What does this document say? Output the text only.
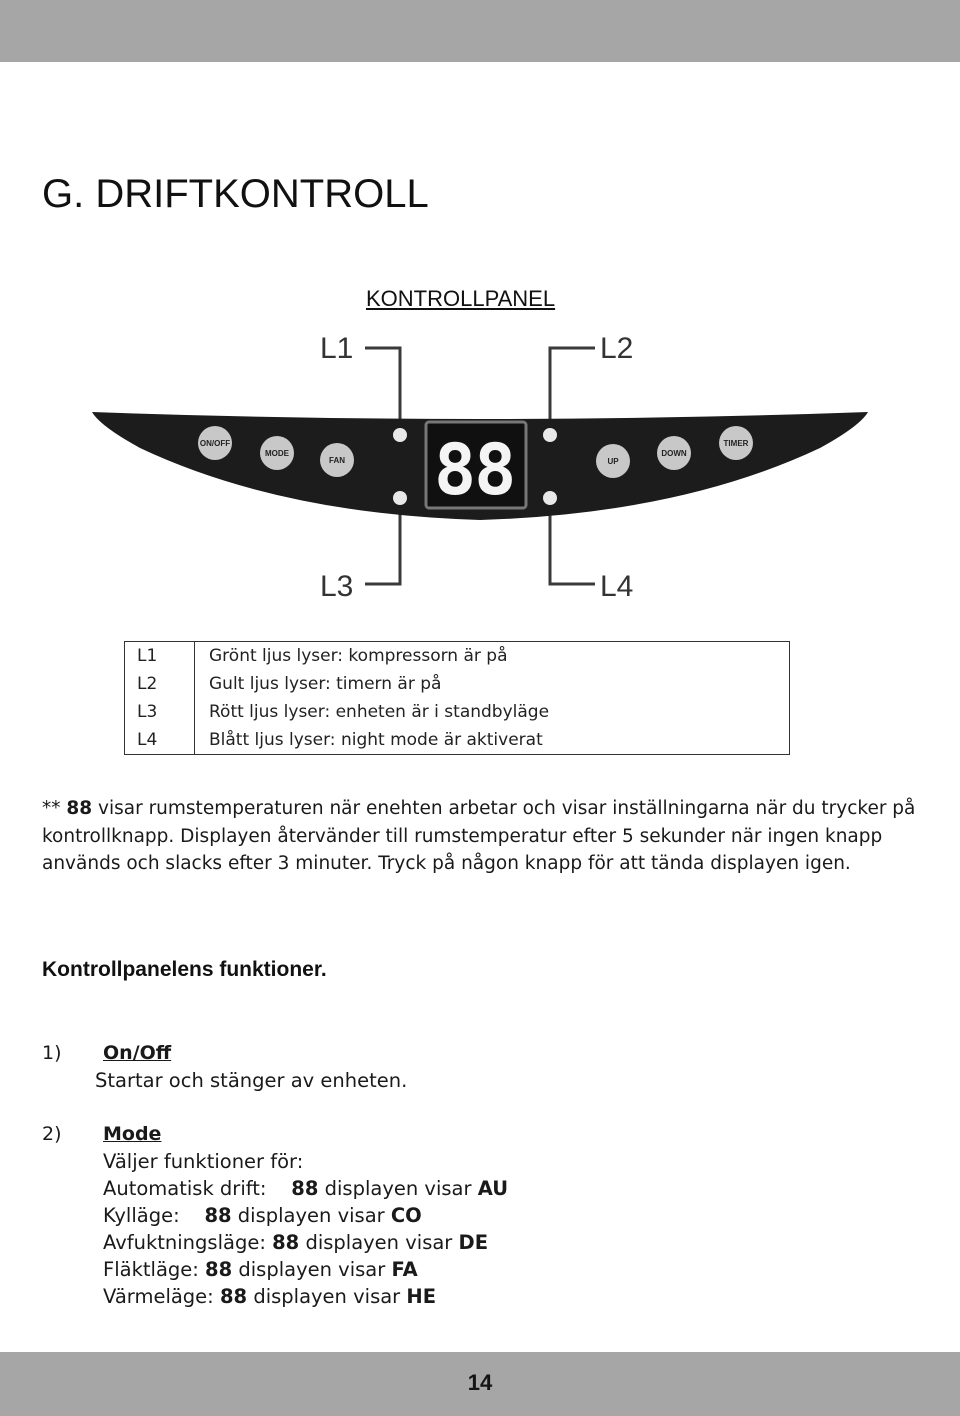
G. DRIFTKONTROLL
KONTROLLPANEL
L1	L2
L3	L4
88
ON/OFF
MODE
FAN	UP
DOWN
TIMER
L1	Grönt ljus lyser: kompressorn är på
L2	Gult ljus lyser: timern är på
L3	Rött ljus lyser: enheten är i standbyläge
L4	Blått ljus lyser: night mode är aktiverat

** 88 visar rumstemperaturen när enehten arbetar och visar inställningarna när du trycker på kontrollknapp. Displayen återvänder till rumstemperatur efter 5 sekunder när ingen knapp används och slacks efter 3 minuter. Tryck på någon knapp för att tända displayen igen.

Kontrollpanelens funktioner.
1) On/Off
Startar och stänger av enheten.
2) Mode
Väljer funktioner för:
Automatisk drift: 88 displayen visar AU
Kylläge: 88 displayen visar CO
Avfuktningsläge: 88 displayen visar DE
Fläktläge: 88 displayen visar FA
Värmeläge: 88 displayen visar HE
14
